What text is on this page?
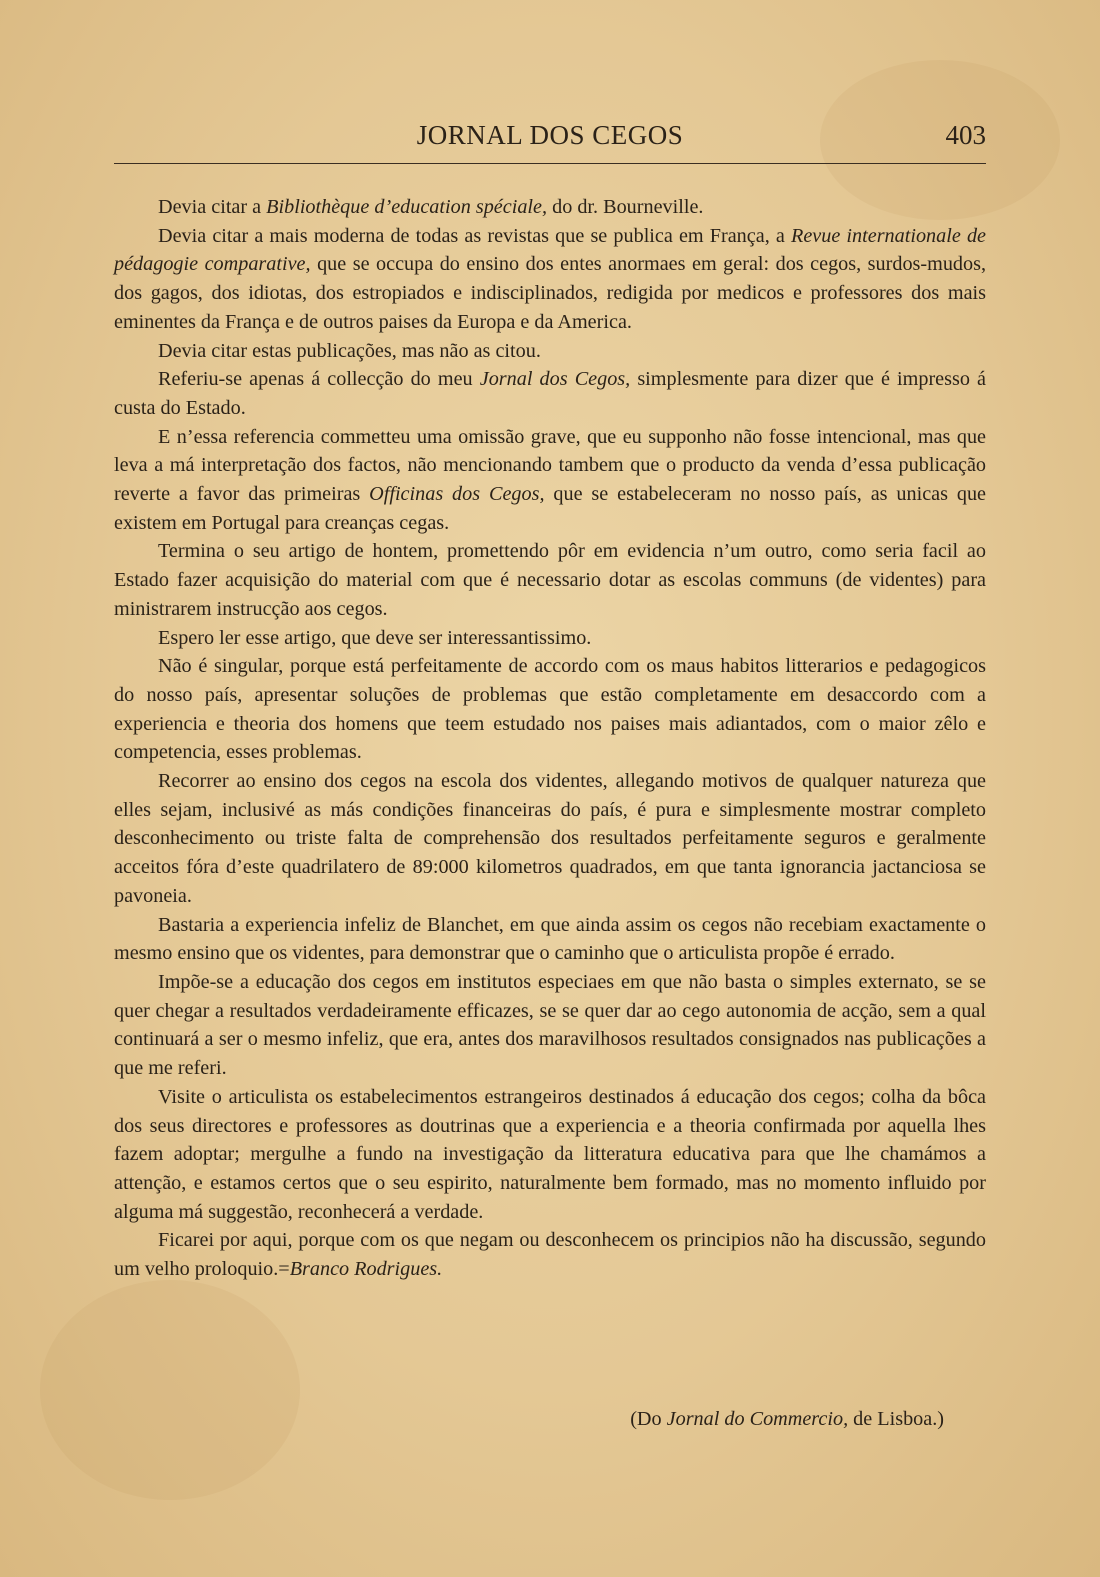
JORNAL DOS CEGOS	403

Devia citar a Bibliothèque d’education spéciale, do dr. Bourneville.

Devia citar a mais moderna de todas as revistas que se publica em França, a Revue internationale de pédagogie comparative, que se occupa do ensino dos entes anormaes em geral: dos cegos, surdos-mudos, dos gagos, dos idiotas, dos estropiados e indisciplinados, redigida por medicos e professores dos mais eminentes da França e de outros paises da Europa e da America.

Devia citar estas publicações, mas não as citou.

Referiu-se apenas á collecção do meu Jornal dos Cegos, simplesmente para dizer que é impresso á custa do Estado.

E n’essa referencia commetteu uma omissão grave, que eu supponho não fosse intencional, mas que leva a má interpretação dos factos, não mencionando tambem que o producto da venda d’essa publicação reverte a favor das primeiras Officinas dos Cegos, que se estabeleceram no nosso país, as unicas que existem em Portugal para creanças cegas.

Termina o seu artigo de hontem, promettendo pôr em evidencia n’um outro, como seria facil ao Estado fazer acquisição do material com que é necessario dotar as escolas communs (de videntes) para ministrarem instrucção aos cegos.

Espero ler esse artigo, que deve ser interessantissimo.

Não é singular, porque está perfeitamente de accordo com os maus habitos litterarios e pedagogicos do nosso país, apresentar soluções de problemas que estão completamente em desaccordo com a experiencia e theoria dos homens que teem estudado nos paises mais adiantados, com o maior zêlo e competencia, esses problemas.

Recorrer ao ensino dos cegos na escola dos videntes, allegando motivos de qualquer natureza que elles sejam, inclusivé as más condições financeiras do país, é pura e simplesmente mostrar completo desconhecimento ou triste falta de comprehensão dos resultados perfeitamente seguros e geralmente acceitos fóra d’este quadrilatero de 89:000 kilometros quadrados, em que tanta ignorancia jactanciosa se pavoneia.

Bastaria a experiencia infeliz de Blanchet, em que ainda assim os cegos não recebiam exactamente o mesmo ensino que os videntes, para demonstrar que o caminho que o articulista propõe é errado.

Impõe-se a educação dos cegos em institutos especiaes em que não basta o simples externato, se se quer chegar a resultados verdadeiramente efficazes, se se quer dar ao cego autonomia de acção, sem a qual continuará a ser o mesmo infeliz, que era, antes dos maravilhosos resultados consignados nas publicações a que me referi.

Visite o articulista os estabelecimentos estrangeiros destinados á educação dos cegos; colha da bôca dos seus directores e professores as doutrinas que a experiencia e a theoria confirmada por aquella lhes fazem adoptar; mergulhe a fundo na investigação da litteratura educativa para que lhe chamámos a attenção, e estamos certos que o seu espirito, naturalmente bem formado, mas no momento influido por alguma má suggestão, reconhecerá a verdade.

Ficarei por aqui, porque com os que negam ou desconhecem os principios não ha discussão, segundo um velho proloquio.=Branco Rodrigues.

(Do Jornal do Commercio, de Lisboa.)
